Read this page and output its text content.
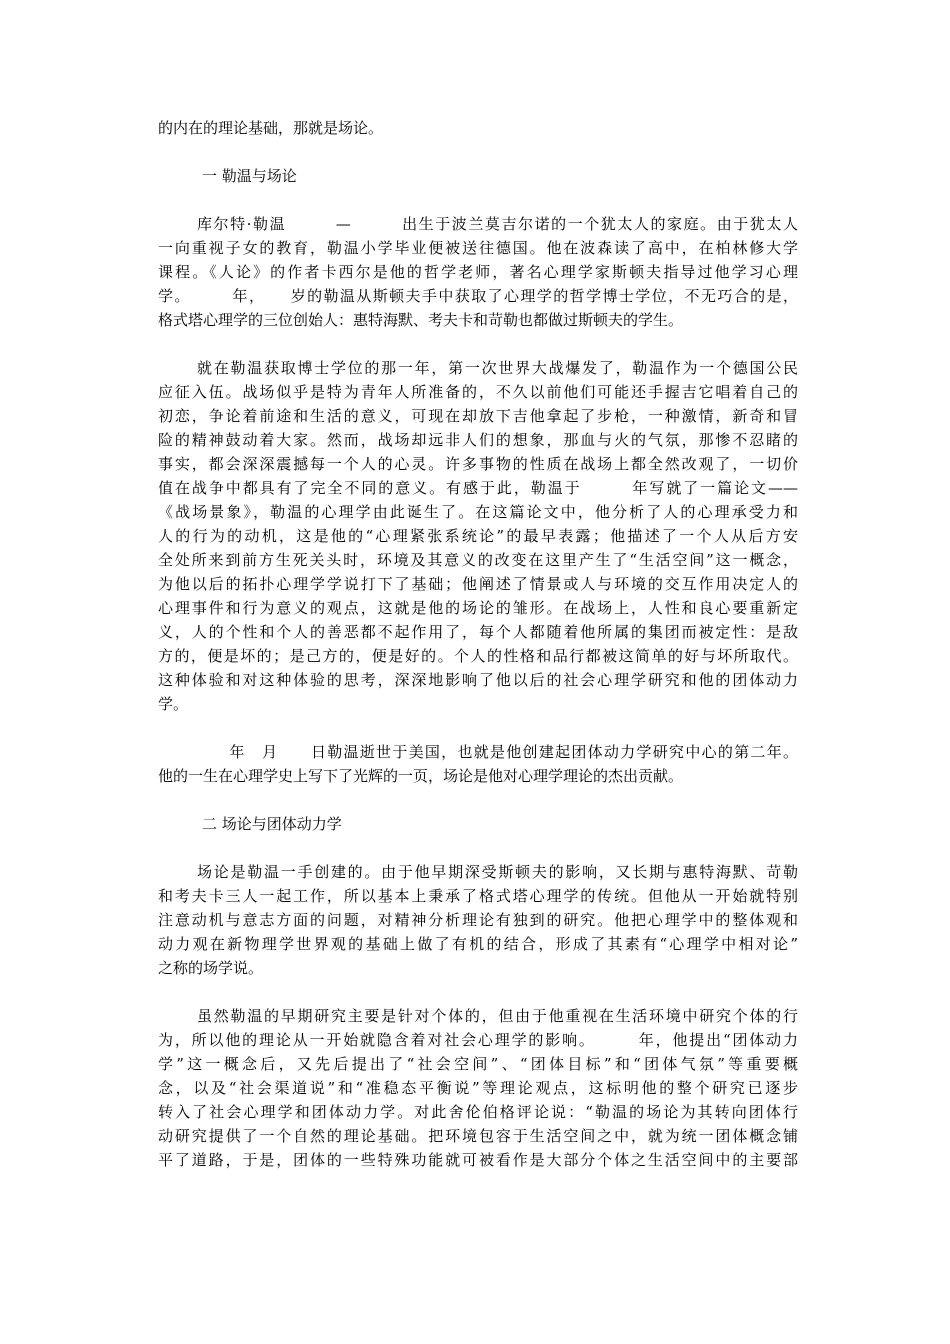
的内在的理论基础，那就是场论。
一 勒温与场论
库尔特·勒温　　　—　　　出生于波兰莫吉尔诺的一个犹太人的家庭。由于犹太人
一向重视子女的教育，勒温小学毕业便被送往德国。他在波森读了高中，在柏林修大学
课程。《人论》的作者卡西尔是他的哲学老师，著名心理学家斯顿夫指导过他学习心理
学。　　　年，　　岁的勒温从斯顿夫手中获取了心理学的哲学博士学位，不无巧合的是，
格式塔心理学的三位创始人：惠特海默、考夫卡和苛勒也都做过斯顿夫的学生。
就在勒温获取博士学位的那一年，第一次世界大战爆发了，勒温作为一个德国公民
应征入伍。战场似乎是特为青年人所准备的，不久以前他们可能还手握吉它唱着自己的
初恋，争论着前途和生活的意义，可现在却放下吉他拿起了步枪，一种激情，新奇和冒
险的精神鼓动着大家。然而，战场却远非人们的想象，那血与火的气氛，那惨不忍睹的
事实，都会深深震撼每一个人的心灵。许多事物的性质在战场上都全然改观了，一切价
值在战争中都具有了完全不同的意义。有感于此，勒温于　　　年写就了一篇论文——
《战场景象》，勒温的心理学由此诞生了。在这篇论文中，他分析了人的心理承受力和
人的行为的动机，这是他的“心理紧张系统论”的最早表露；他描述了一个人从后方安
全处所来到前方生死关头时，环境及其意义的改变在这里产生了“生活空间”这一概念，
为他以后的拓扑心理学学说打下了基础；他阐述了情景或人与环境的交互作用决定人的
心理事件和行为意义的观点，这就是他的场论的雏形。在战场上，人性和良心要重新定
义，人的个性和个人的善恶都不起作用了，每个人都随着他所属的集团而被定性：是敌
方的，便是坏的；是己方的，便是好的。个人的性格和品行都被这简单的好与坏所取代。
这种体验和对这种体验的思考，深深地影响了他以后的社会心理学研究和他的团体动力
学。
　　年　月　　日勒温逝世于美国，也就是他创建起团体动力学研究中心的第二年。
他的一生在心理学史上写下了光辉的一页，场论是他对心理学理论的杰出贡献。
二 场论与团体动力学
场论是勒温一手创建的。由于他早期深受斯顿夫的影响，又长期与惠特海默、苛勒
和考夫卡三人一起工作，所以基本上秉承了格式塔心理学的传统。但他从一开始就特别
注意动机与意志方面的问题，对精神分析理论有独到的研究。他把心理学中的整体观和
动力观在新物理学世界观的基础上做了有机的结合，形成了其素有“心理学中相对论”
之称的场学说。
虽然勒温的早期研究主要是针对个体的，但由于他重视在生活环境中研究个体的行
为，所以他的理论从一开始就隐含着对社会心理学的影响。　　　年，他提出“团体动力
学”这一概念后，又先后提出了“社会空间”、“团体目标”和“团体气氛”等重要概
念，以及“社会渠道说”和“准稳态平衡说”等理论观点，这标明他的整个研究已逐步
转入了社会心理学和团体动力学。对此舍伦伯格评论说：“勒温的场论为其转向团体行
动研究提供了一个自然的理论基础。把环境包容于生活空间之中，就为统一团体概念铺
平了道路，于是，团体的一些特殊功能就可被看作是大部分个体之生活空间中的主要部
